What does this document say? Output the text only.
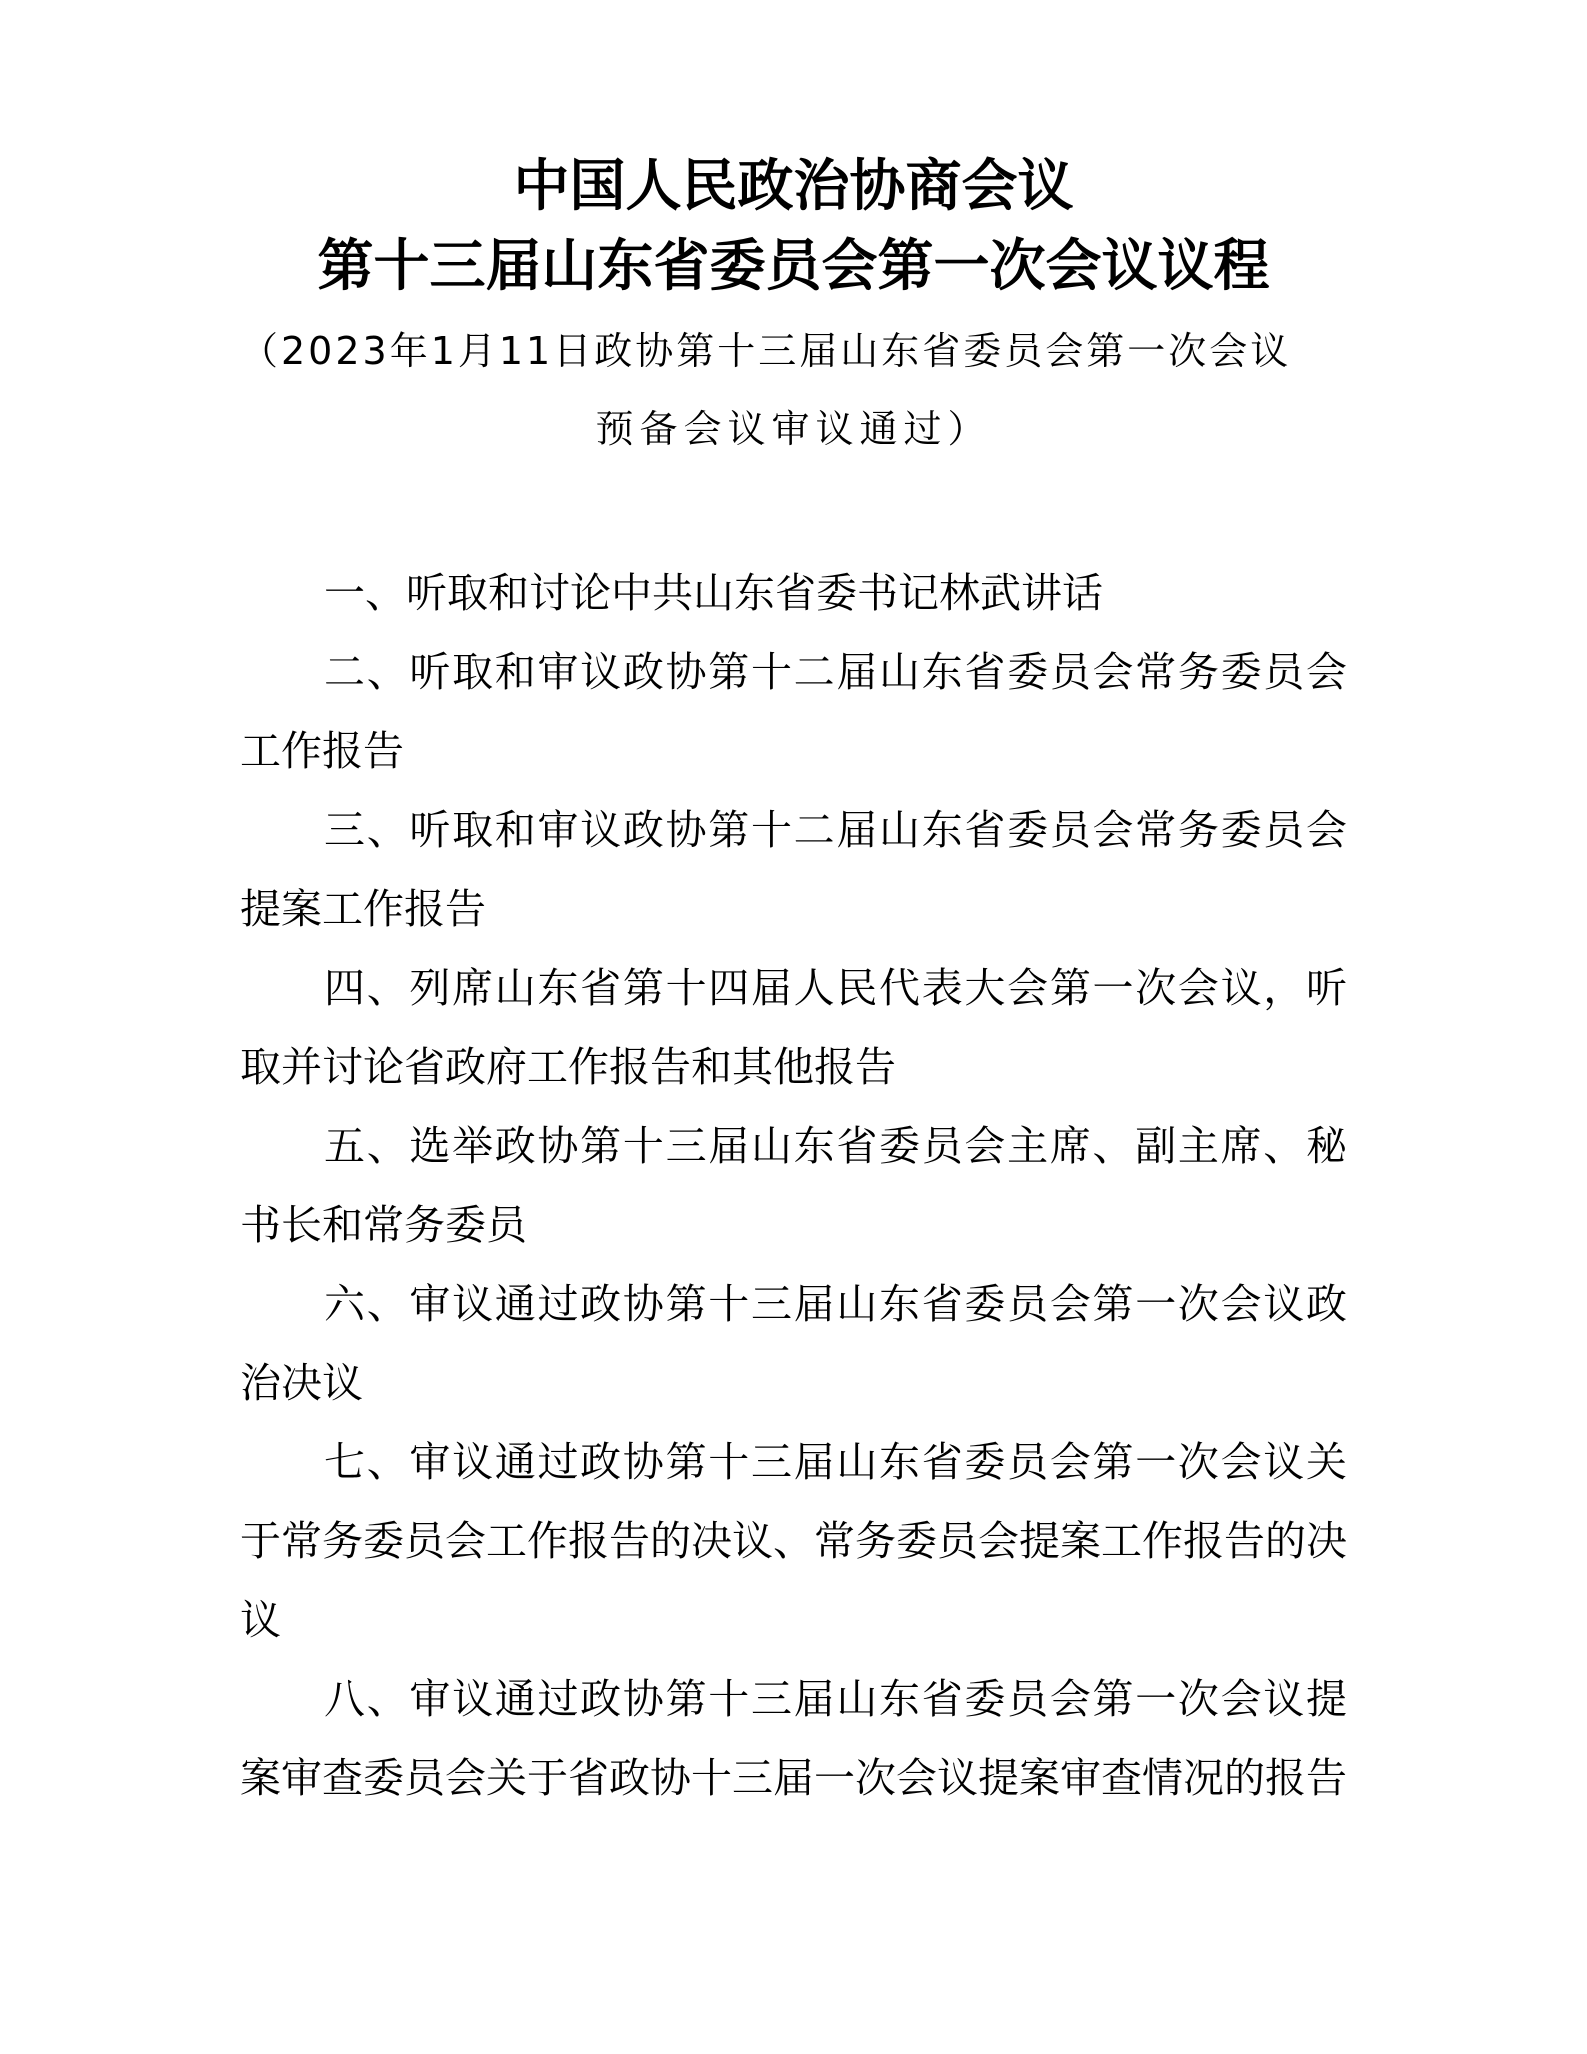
中国人民政治协商会议
第十三届山东省委员会第一次会议议程

（2023年1月11日政协第十三届山东省委员会第一次会议

预备会议审议通过）

一、听取和讨论中共山东省委书记林武讲话
二、听取和审议政协第十二届山东省委员会常务委员会工作报告
三、听取和审议政协第十二届山东省委员会常务委员会提案工作报告
四、列席山东省第十四届人民代表大会第一次会议，听取并讨论省政府工作报告和其他报告
五、选举政协第十三届山东省委员会主席、副主席、秘书长和常务委员
六、审议通过政协第十三届山东省委员会第一次会议政治决议
七、审议通过政协第十三届山东省委员会第一次会议关于常务委员会工作报告的决议、常务委员会提案工作报告的决议
八、审议通过政协第十三届山东省委员会第一次会议提案审查委员会关于省政协十三届一次会议提案审查情况的报告
